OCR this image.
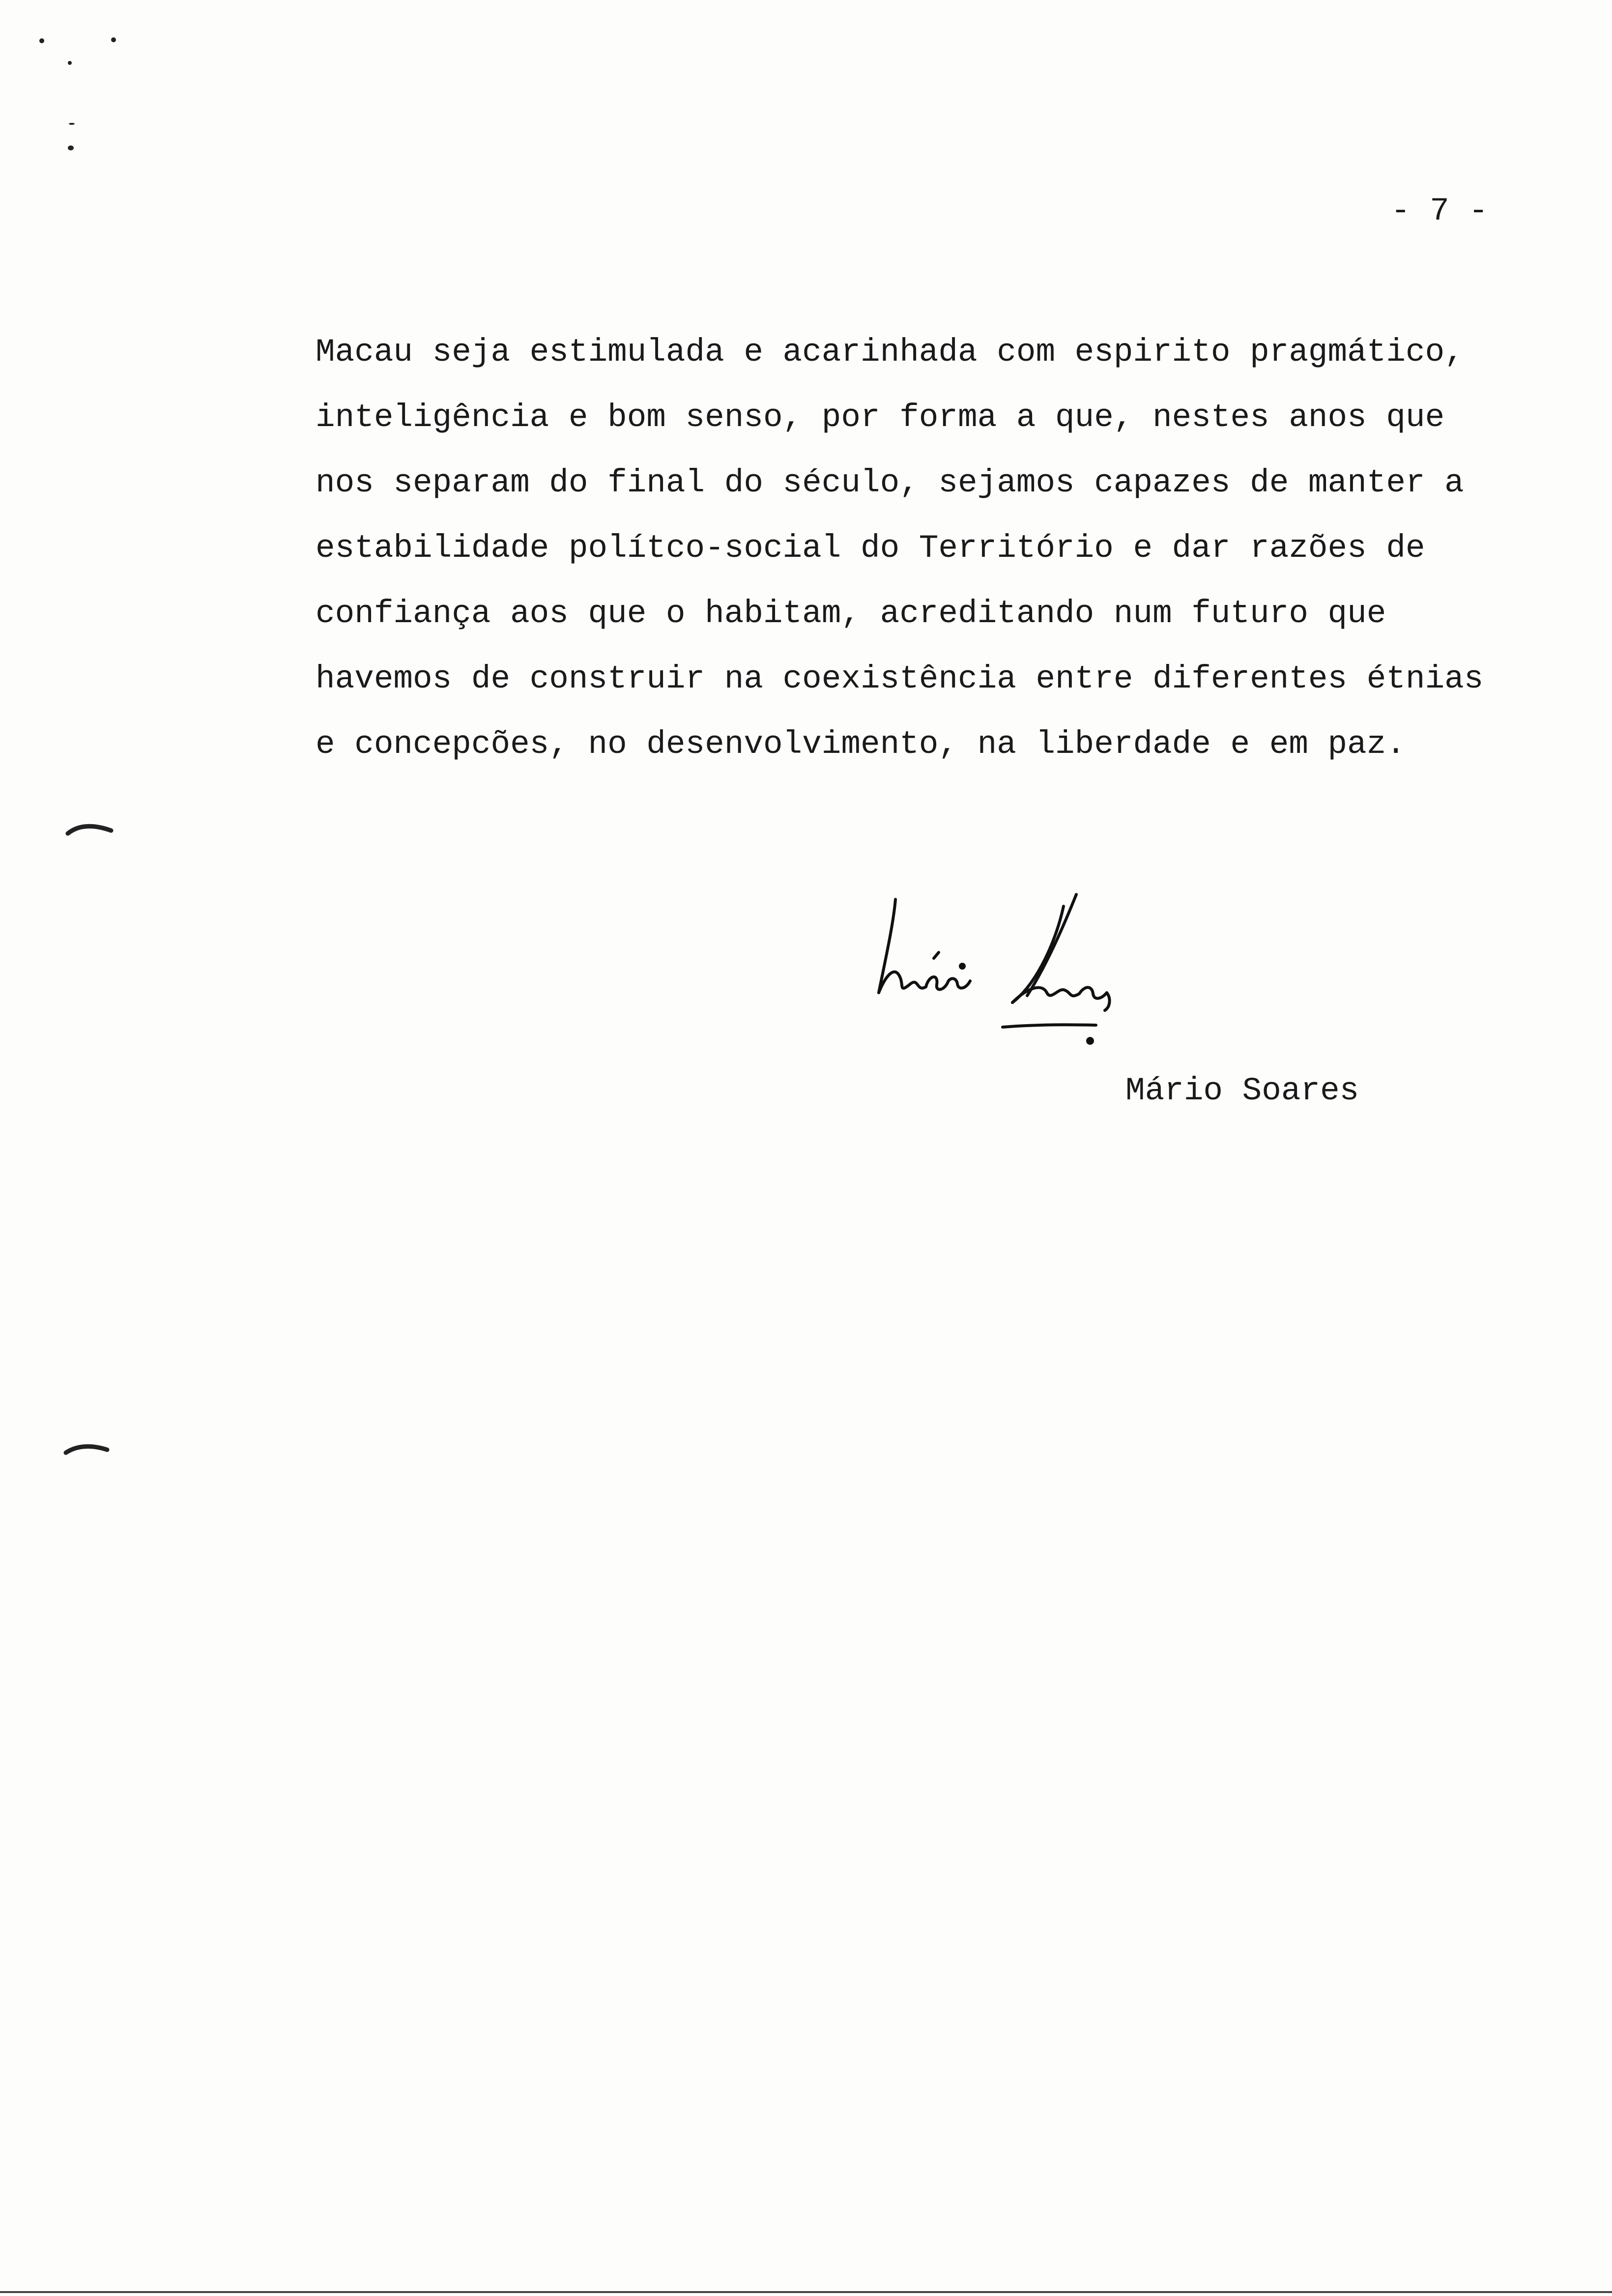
- 7 -
Macau seja estimulada e acarinhada com espirito pragmático,
inteligência e bom senso, por forma a que, nestes anos que
nos separam do final do século, sejamos capazes de manter a
estabilidade polítco-social do Território e dar razões de
confiança aos que o habitam, acreditando num futuro que
havemos de construir na coexistência entre diferentes étnias
e concepcões, no desenvolvimento, na liberdade e em paz.
Mário Soares
